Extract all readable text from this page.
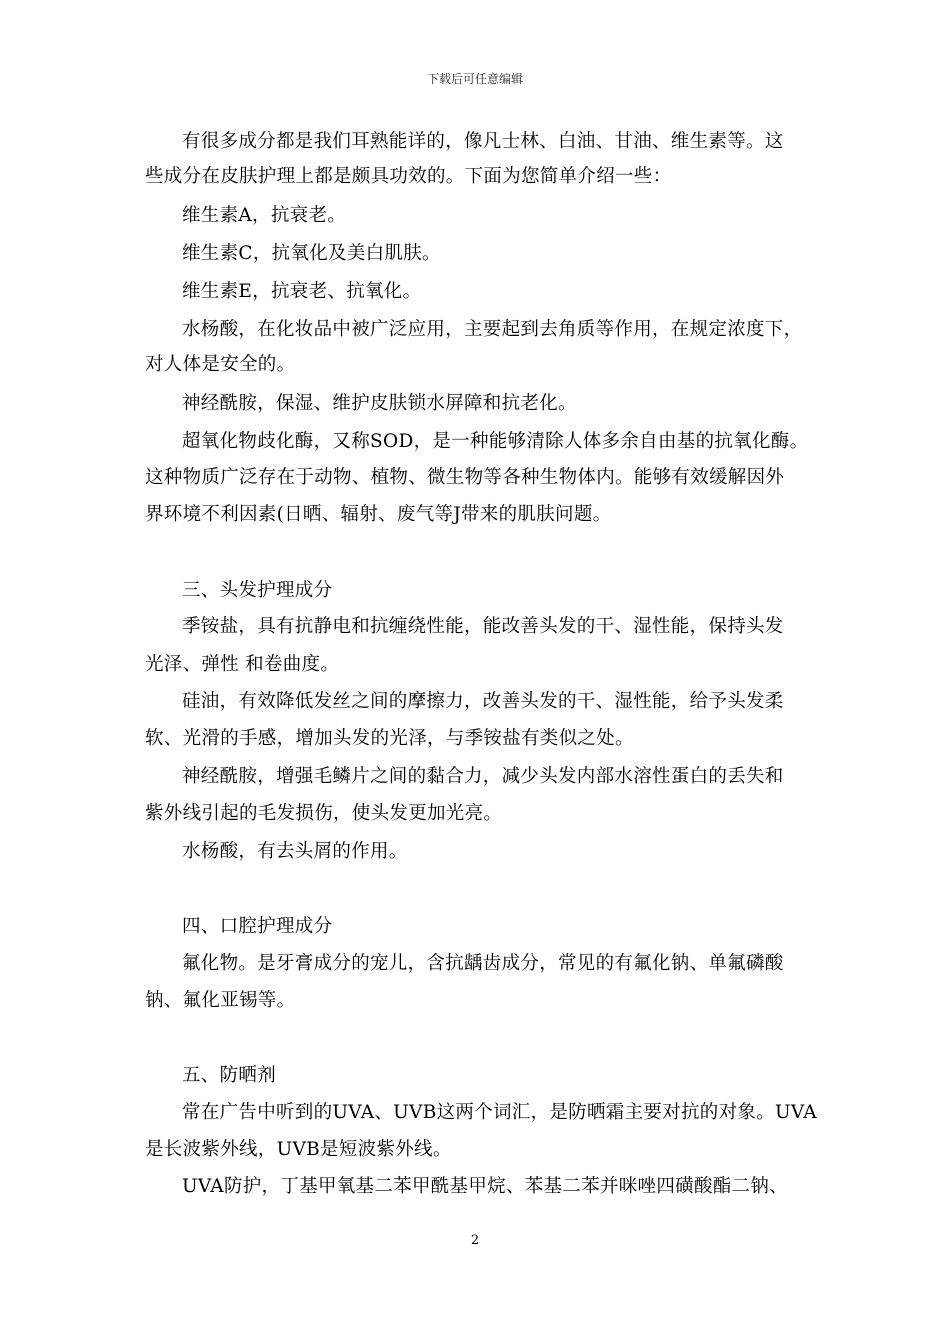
下载后可任意编辑
有很多成分都是我们耳熟能详的，像凡士林、白油、甘油、维生素等。这
些成分在皮肤护理上都是颇具功效的。下面为您简单介绍一些：
维生素A，抗衰老。
维生素C，抗氧化及美白肌肤。
维生素E，抗衰老、抗氧化。
水杨酸，在化妆品中被广泛应用，主要起到去角质等作用，在规定浓度下，
对人体是安全的。
神经酰胺，保湿、维护皮肤锁水屏障和抗老化。
超氧化物歧化酶，又称SOD，是一种能够清除人体多余自由基的抗氧化酶。
这种物质广泛存在于动物、植物、微生物等各种生物体内。能够有效缓解因外
界环境不利因素(日晒、辐射、废气等J带来的肌肤问题。
三、头发护理成分
季铵盐，具有抗静电和抗缠绕性能，能改善头发的干、湿性能，保持头发
光泽、弹性 和卷曲度。
硅油，有效降低发丝之间的摩擦力，改善头发的干、湿性能，给予头发柔
软、光滑的手感，增加头发的光泽，与季铵盐有类似之处。
神经酰胺，增强毛鳞片之间的黏合力，减少头发内部水溶性蛋白的丢失和
紫外线引起的毛发损伤，使头发更加光亮。
水杨酸，有去头屑的作用。
四、口腔护理成分
氟化物。是牙膏成分的宠儿，含抗龋齿成分，常见的有氟化钠、单氟磷酸
钠、氟化亚锡等。
五、防晒剂
常在广告中听到的UVA、UVB这两个词汇，是防晒霜主要对抗的对象。UVA
是长波紫外线，UVB是短波紫外线。
UVA防护，丁基甲氧基二苯甲酰基甲烷、苯基二苯并咪唑四磺酸酯二钠、
2
